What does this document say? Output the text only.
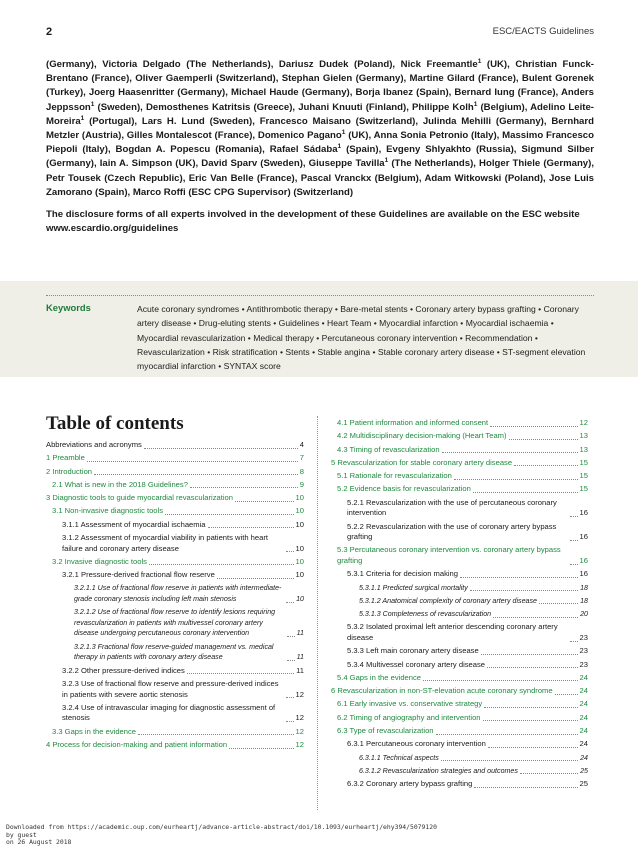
2	ESC/EACTS Guidelines
(Germany), Victoria Delgado (The Netherlands), Dariusz Dudek (Poland), Nick Freemantle$^1$ (UK), Christian Funck-Brentano (France), Oliver Gaemperli (Switzerland), Stephan Gielen (Germany), Martine Gilard (France), Bulent Gorenek (Turkey), Joerg Haasenritter (Germany), Michael Haude (Germany), Borja Ibanez (Spain), Bernard Iung (France), Anders Jeppsson$^1$ (Sweden), Demosthenes Katritsis (Greece), Juhani Knuuti (Finland), Philippe Kolh$^1$ (Belgium), Adelino Leite-Moreira$^1$ (Portugal), Lars H. Lund (Sweden), Francesco Maisano (Switzerland), Julinda Mehilli (Germany), Bernhard Metzler (Austria), Gilles Montalescot (France), Domenico Pagano$^1$ (UK), Anna Sonia Petronio (Italy), Massimo Francesco Piepoli (Italy), Bogdan A. Popescu (Romania), Rafael Sádaba$^1$ (Spain), Evgeny Shlyakhto (Russia), Sigmund Silber (Germany), Iain A. Simpson (UK), David Sparv (Sweden), Giuseppe Tavilla$^1$ (The Netherlands), Holger Thiele (Germany), Petr Tousek (Czech Republic), Eric Van Belle (France), Pascal Vranckx (Belgium), Adam Witkowski (Poland), Jose Luis Zamorano (Spain), Marco Roffi (ESC CPG Supervisor) (Switzerland)
The disclosure forms of all experts involved in the development of these Guidelines are available on the ESC website www.escardio.org/guidelines
Keywords	Acute coronary syndromes • Antithrombotic therapy • Bare-metal stents • Coronary artery bypass grafting • Coronary artery disease • Drug-eluting stents • Guidelines • Heart Team • Myocardial infarction • Myocardial ischaemia • Myocardial revascularization • Medical therapy • Percutaneous coronary intervention • Recommendation • Revascularization • Risk stratification • Stents • Stable angina • Stable coronary artery disease • ST-segment elevation myocardial infarction • SYNTAX score
Table of contents
Abbreviations and acronyms	4
1 Preamble	7
2 Introduction	8
2.1 What is new in the 2018 Guidelines?	9
3 Diagnostic tools to guide myocardial revascularization	10
3.1 Non-invasive diagnostic tools	10
3.1.1 Assessment of myocardial ischaemia	10
3.1.2 Assessment of myocardial viability in patients with heart failure and coronary artery disease	10
3.2 Invasive diagnostic tools	10
3.2.1 Pressure-derived fractional flow reserve	10
3.2.1.1 Use of fractional flow reserve in patients with intermediate-grade coronary stenosis including left main stenosis	10
3.2.1.2 Use of fractional flow reserve to identify lesions requiring revascularization in patients with multivessel coronary artery disease undergoing percutaneous coronary intervention	11
3.2.1.3 Fractional flow reserve-guided management vs. medical therapy in patients with coronary artery disease	11
3.2.2 Other pressure-derived indices	11
3.2.3 Use of fractional flow reserve and pressure-derived indices in patients with severe aortic stenosis	12
3.2.4 Use of intravascular imaging for diagnostic assessment of stenosis	12
3.3 Gaps in the evidence	12
4 Process for decision-making and patient information	12
4.1 Patient information and informed consent	12
4.2 Multidisciplinary decision-making (Heart Team)	13
4.3 Timing of revascularization	13
5 Revascularization for stable coronary artery disease	15
5.1 Rationale for revascularization	15
5.2 Evidence basis for revascularization	15
5.2.1 Revascularization with the use of percutaneous coronary intervention	16
5.2.2 Revascularization with the use of coronary artery bypass grafting	16
5.3 Percutaneous coronary intervention vs. coronary artery bypass grafting	16
5.3.1 Criteria for decision making	16
5.3.1.1 Predicted surgical mortality	18
5.3.1.2 Anatomical complexity of coronary artery disease	18
5.3.1.3 Completeness of revascularization	20
5.3.2 Isolated proximal left anterior descending coronary artery disease	23
5.3.3 Left main coronary artery disease	23
5.3.4 Multivessel coronary artery disease	23
5.4 Gaps in the evidence	24
6 Revascularization in non-ST-elevation acute coronary syndrome	24
6.1 Early invasive vs. conservative strategy	24
6.2 Timing of angiography and intervention	24
6.3 Type of revascularization	24
6.3.1 Percutaneous coronary intervention	24
6.3.1.1 Technical aspects	24
6.3.1.2 Revascularization strategies and outcomes	25
6.3.2 Coronary artery bypass grafting	25
Downloaded from https://academic.oup.com/eurheartj/advance-article-abstract/doi/10.1093/eurheartj/ehy394/5079120
by guest
on 26 August 2018
